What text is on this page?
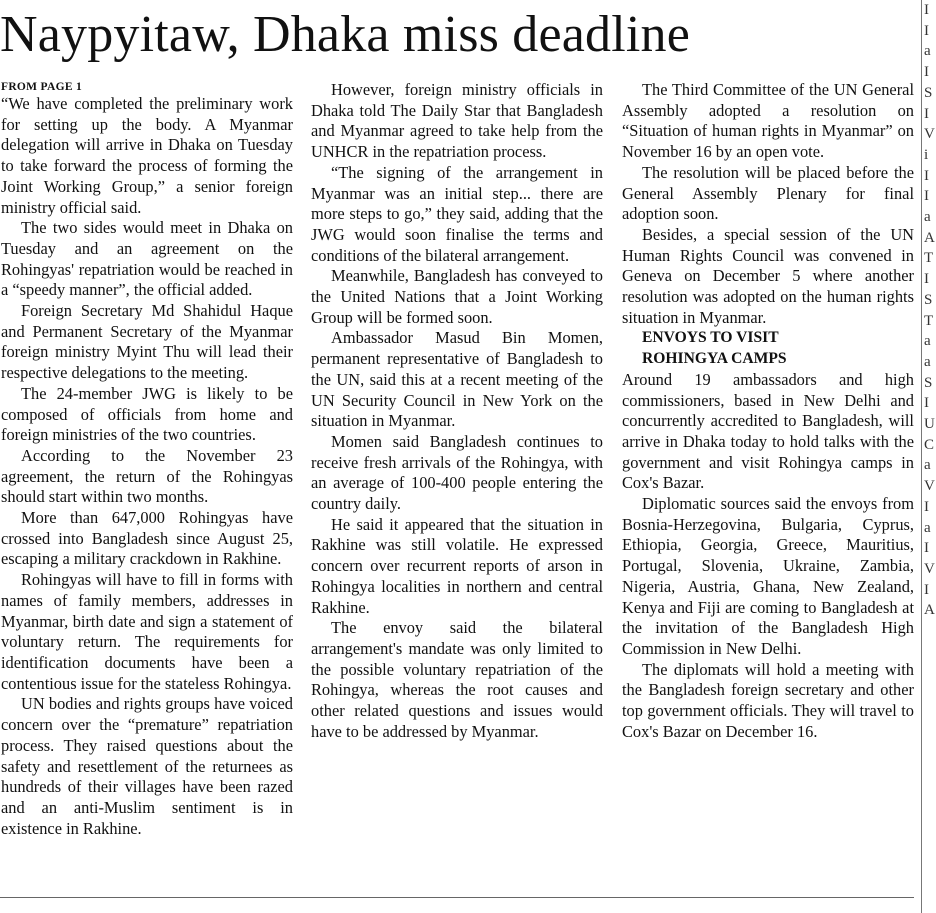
Naypyitaw, Dhaka miss deadline
FROM PAGE 1

“We have completed the preliminary work for setting up the body. A Myanmar delegation will arrive in Dhaka on Tuesday to take forward the process of forming the Joint Working Group,” a senior foreign ministry official said.

The two sides would meet in Dhaka on Tuesday and an agreement on the Rohingyas' repatriation would be reached in a “speedy manner”, the official added.

Foreign Secretary Md Shahidul Haque and Permanent Secretary of the Myanmar foreign ministry Myint Thu will lead their respective delegations to the meeting.

The 24-member JWG is likely to be composed of officials from home and foreign ministries of the two countries.

According to the November 23 agreement, the return of the Rohingyas should start within two months.

More than 647,000 Rohingyas have crossed into Bangladesh since August 25, escaping a military crackdown in Rakhine.

Rohingyas will have to fill in forms with names of family members, addresses in Myanmar, birth date and sign a statement of voluntary return. The requirements for identification documents have been a contentious issue for the stateless Rohingya.

UN bodies and rights groups have voiced concern over the “premature” repatriation process. They raised questions about the safety and resettlement of the returnees as hundreds of their villages have been razed and an anti-Muslim sentiment is in existence in Rakhine.

However, foreign ministry officials in Dhaka told The Daily Star that Bangladesh and Myanmar agreed to take help from the UNHCR in the repatriation process.

“The signing of the arrangement in Myanmar was an initial step... there are more steps to go,” they said, adding that the JWG would soon finalise the terms and conditions of the bilateral arrangement.

Meanwhile, Bangladesh has conveyed to the United Nations that a Joint Working Group will be formed soon.

Ambassador Masud Bin Momen, permanent representative of Bangladesh to the UN, said this at a recent meeting of the UN Security Council in New York on the situation in Myanmar.

Momen said Bangladesh continues to receive fresh arrivals of the Rohingya, with an average of 100-400 people entering the country daily.

He said it appeared that the situation in Rakhine was still volatile. He expressed concern over recurrent reports of arson in Rohingya localities in northern and central Rakhine.

The envoy said the bilateral arrangement's mandate was only limited to the possible voluntary repatriation of the Rohingya, whereas the root causes and other related questions and issues would have to be addressed by Myanmar.

The Third Committee of the UN General Assembly adopted a resolution on “Situation of human rights in Myanmar” on November 16 by an open vote.

The resolution will be placed before the General Assembly Plenary for final adoption soon.

Besides, a special session of the UN Human Rights Council was convened in Geneva on December 5 where another resolution was adopted on the human rights situation in Myanmar.

ENVOYS TO VISIT

ROHINGYA CAMPS

Around 19 ambassadors and high commissioners, based in New Delhi and concurrently accredited to Bangladesh, will arrive in Dhaka today to hold talks with the government and visit Rohingya camps in Cox's Bazar.

Diplomatic sources said the envoys from Bosnia-Herzegovina, Bulgaria, Cyprus, Ethiopia, Georgia, Greece, Mauritius, Portugal, Slovenia, Ukraine, Zambia, Nigeria, Austria, Ghana, New Zealand, Kenya and Fiji are coming to Bangladesh at the invitation of the Bangladesh High Commission in New Delhi.

The diplomats will hold a meeting with the Bangladesh foreign secretary and other top government officials. They will travel to Cox's Bazar on December 16.

I
I
a
I
S
I
V
i
I
I
a
A
T
I
S
T
a
a
S
I
U
C
a
V
I
a
I
V
I
A
